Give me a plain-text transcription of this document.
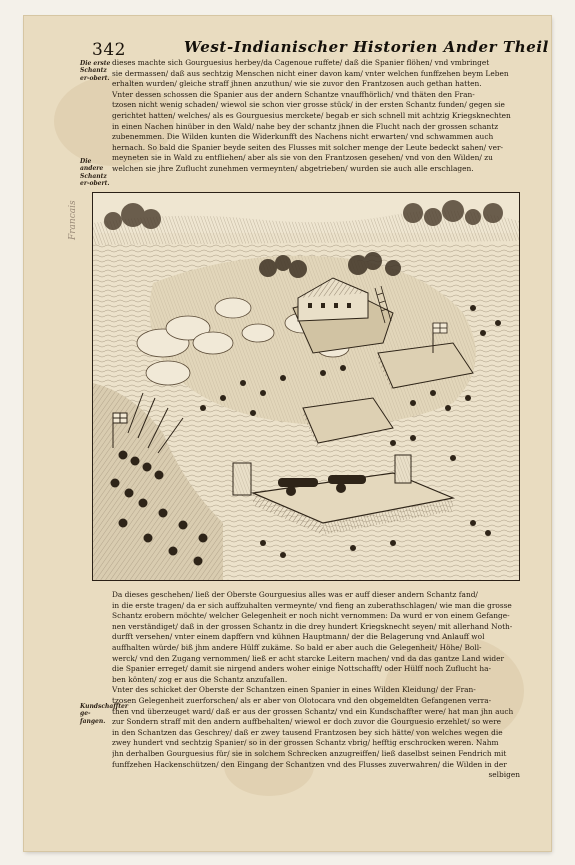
342	West-Indianischer Historien Ander Theil
Francais
Die erste Schantz er-obert.
Die andere Schantz er-obert.
Kundschaffter ge-fangen.
dieses machte sich Gourguesius herbey/da Cagenoue ruffete/ daß die Spanier flöhen/ vnd vmbringet
sie dermassen/ daß aus sechtzig Menschen nicht einer davon kam/ vnter welchen funffzehen beym Leben
erhalten wurden/ gleiche straff jhnen anzuthun/ wie sie zuvor den Frantzosen auch gethan hatten.
Vnter dessen schossen die Spanier aus der andern Schantze vnauffhörlich/ vnd thäten den Fran-
tzosen nicht wenig schaden/ wiewol sie schon vier grosse stück/ in der ersten Schantz funden/ gegen sie
gerichtet hatten/ welches/ als es Gourguesius merckete/ begab er sich schnell mit achtzig Kriegsknechten
in einen Nachen hinüber in den Wald/ nahe bey der schantz jhnen die Flucht nach der grossen schantz
zubenemmen. Die Wilden kunten die Widerkunfft des Nachens nicht erwarten/ vnd schwammen auch
hernach. So bald die Spanier beyde seiten des Flusses mit solcher menge der Leute bedeckt sahen/ ver-
meyneten sie in Wald zu entfliehen/ aber als sie von den Frantzosen gesehen/ vnd von den Wilden/ zu
welchen sie jhre Zuflucht zunehmen vermeynten/ abgetrieben/ wurden sie auch alle erschlagen.
Da dieses geschehen/ ließ der Oberste Gourguesius alles was er auff dieser andern Schantz fand/
in die erste tragen/ da er sich auffzuhalten vermeynte/ vnd fieng an zuberathschlagen/ wie man die grosse
Schantz erobern möchte/ welcher Gelegenheit er noch nicht vernommen: Da wurd er von einem Gefange-
nen verständiget/ daß in der grossen Schantz in die drey hundert Kriegsknecht seyen/ mit allerhand Noth-
durfft versehen/ vnter einem dapffern vnd kühnen Hauptmann/ der die Belagerung vnd Anlauff wol
auffhalten würde/ biß jhm andere Hülff zukäme. So bald er aber auch die Gelegenheit/ Höhe/ Boll-
werck/ vnd den Zugang vernommen/ ließ er acht starcke Leitern machen/ vnd da das gantze Land wider
die Spanier erreget/ damit sie nirgend anders woher einige Nottschafft/ oder Hülff noch Zuflucht ha-
ben könten/ zog er aus die Schantz anzufallen.
Vnter des schicket der Oberste der Schantzen einen Spanier in eines Wilden Kleidung/ der Fran-
tzosen Gelegenheit zuerforschen/ als er aber von Olotocara vnd den obgemeldten Gefangenen verra-
then vnd überzeuget ward/ daß er aus der grossen Schantz/ vnd ein Kundschaffter were/ hat man jhn auch
zur Sondern straff mit den andern auffbehalten/ wiewol er doch zuvor die Gourguesio erzehlet/ so were
in den Schantzen das Geschrey/ daß er zwey tausend Frantzosen bey sich hätte/ von welches wegen die
zwey hundert vnd sechtzig Spanier/ so in der grossen Schantz vbrig/ hefftig erschrocken weren. Nahm
jhn derhalben Gourguesius für/ sie in solchem Schrecken anzugreiffen/ ließ daselbst seinen Fendrich mit
funffzehen Hackenschützen/ den Eingang der Schantzen vnd des Flusses zuverwahren/ die Wilden in der
selbigen
